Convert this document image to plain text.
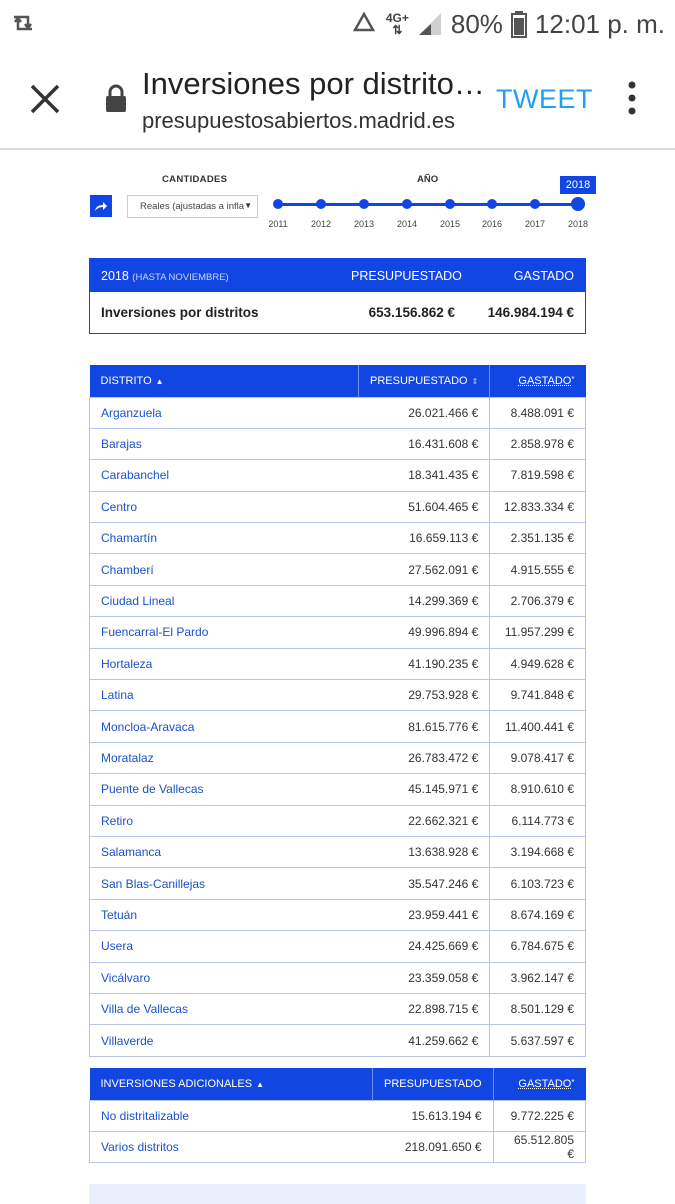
4G+
⇅ 80% 12:01 p. m.
Inversiones por distrito…
presupuestosabiertos.madrid.es
TWEET
CANTIDADES	AÑO
Reales (ajustadas a infla ▼
2011	2012	2013	2014	2015	2016	2017	2018
2018
2018 (HASTA NOVIEMBRE)	PRESUPUESTADO	GASTADO
Inversiones por distritos	653.156.862 € 146.984.194 €
DISTRITO ▲	PRESUPUESTADO ⇕	GASTADO*
Arganzuela	26.021.466 €	8.488.091 €
Barajas	16.431.608 €	2.858.978 €
Carabanchel	18.341.435 €	7.819.598 €
Centro	51.604.465 €	12.833.334 €
Chamartín	16.659.113 €	2.351.135 €
Chamberí	27.562.091 €	4.915.555 €
Ciudad Lineal	14.299.369 €	2.706.379 €
Fuencarral-El Pardo	49.996.894 €	11.957.299 €
Hortaleza	41.190.235 €	4.949.628 €
Latina	29.753.928 €	9.741.848 €
Moncloa-Aravaca	81.615.776 €	11.400.441 €
Moratalaz	26.783.472 €	9.078.417 €
Puente de Vallecas	45.145.971 €	8.910.610 €
Retiro	22.662.321 €	6.114.773 €
Salamanca	13.638.928 €	3.194.668 €
San Blas-Canillejas	35.547.246 €	6.103.723 €
Tetuán	23.959.441 €	8.674.169 €
Usera	24.425.669 €	6.784.675 €
Vicálvaro	23.359.058 €	3.962.147 €
Villa de Vallecas	22.898.715 €	8.501.129 €
Villaverde	41.259.662 €	5.637.597 €
INVERSIONES ADICIONALES ▲	PRESUPUESTADO	GASTADO*
No distritalizable	15.613.194 €	9.772.225 €
Varios distritos	218.091.650 €	65.512.805 €
